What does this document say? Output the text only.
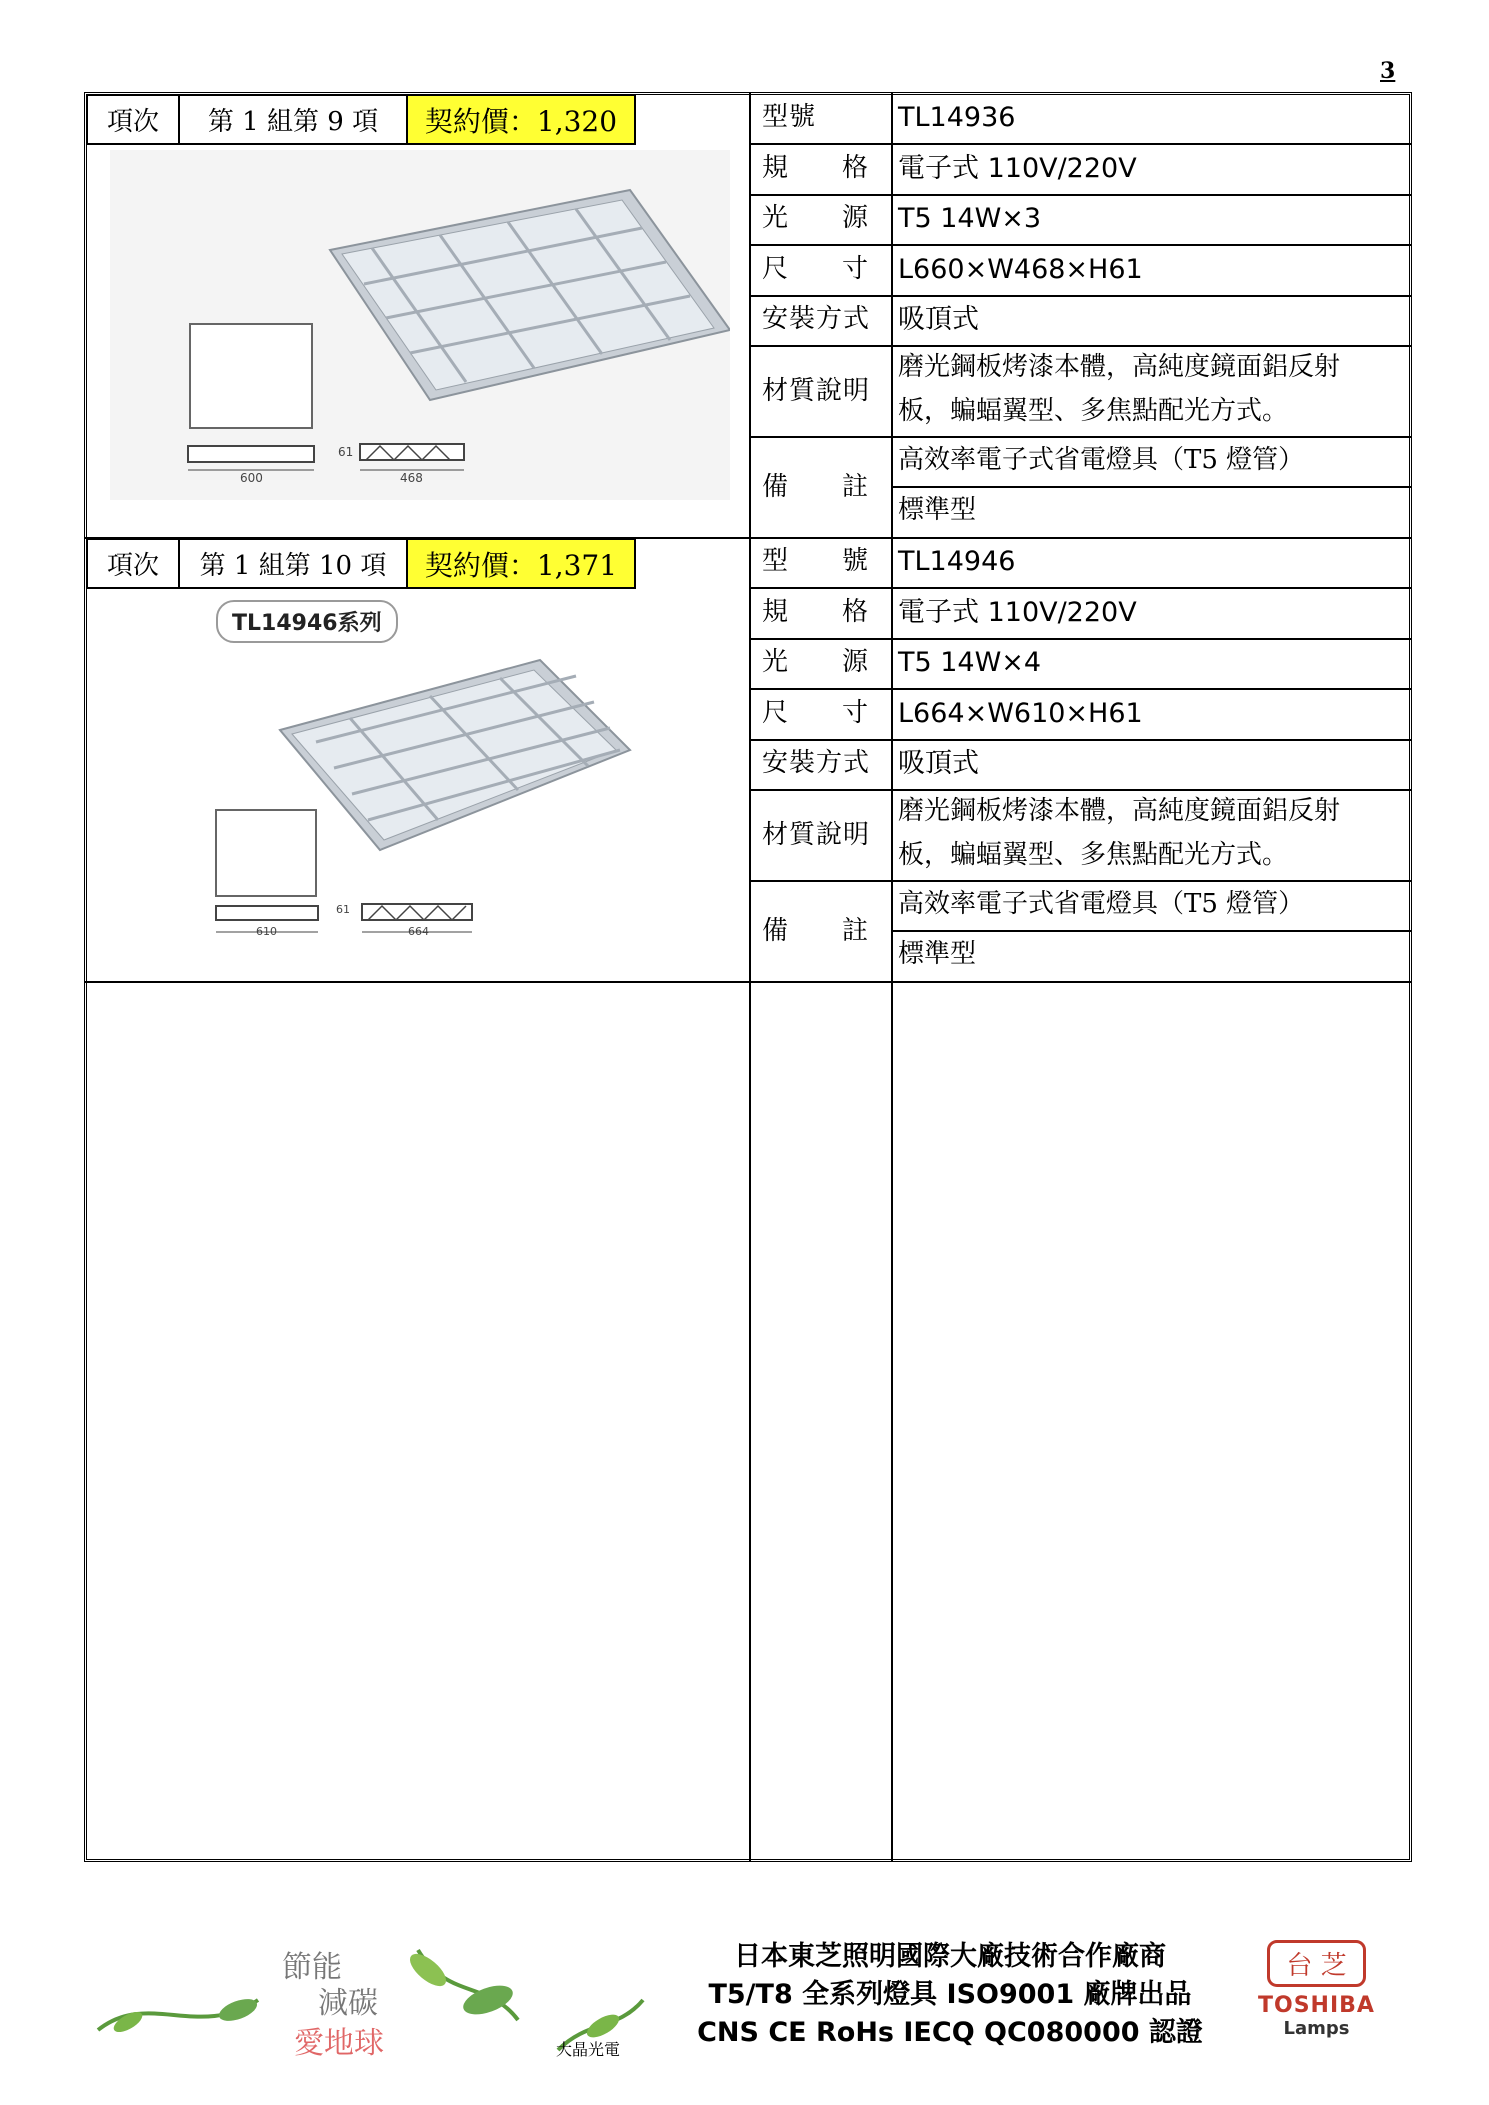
3
項次 第 1 組第 9 項 契約價：1,320
600
61
468
型號	TL14936
規格
電子式 110V/220V
光源
T5 14W×3
尺寸
L660×W468×H61
安裝方式 吸頂式
材質說明
磨光鋼板烤漆本體，高純度鏡面鋁反射
板，蝙蝠翼型、多焦點配光方式。
備註
高效率電子式省電燈具（T5 燈管）
標準型
項次 第 1 組第 10 項 契約價：1,371
TL14946系列
610
61
664
型號
TL14946
規格
電子式 110V/220V
光源
T5 14W×4
尺寸
L664×W610×H61
安裝方式 吸頂式
材質說明
磨光鋼板烤漆本體，高純度鏡面鋁反射
板，蝙蝠翼型、多焦點配光方式。
備註
高效率電子式省電燈具（T5 燈管）
標準型
節能
減碳
愛地球	大晶光電
日本東芝照明國際大廠技術合作廠商
T5/T8 全系列燈具 ISO9001 廠牌出品
CNS CE RoHs IECQ QC080000 認證
台 芝
TOSHIBA
Lamps
